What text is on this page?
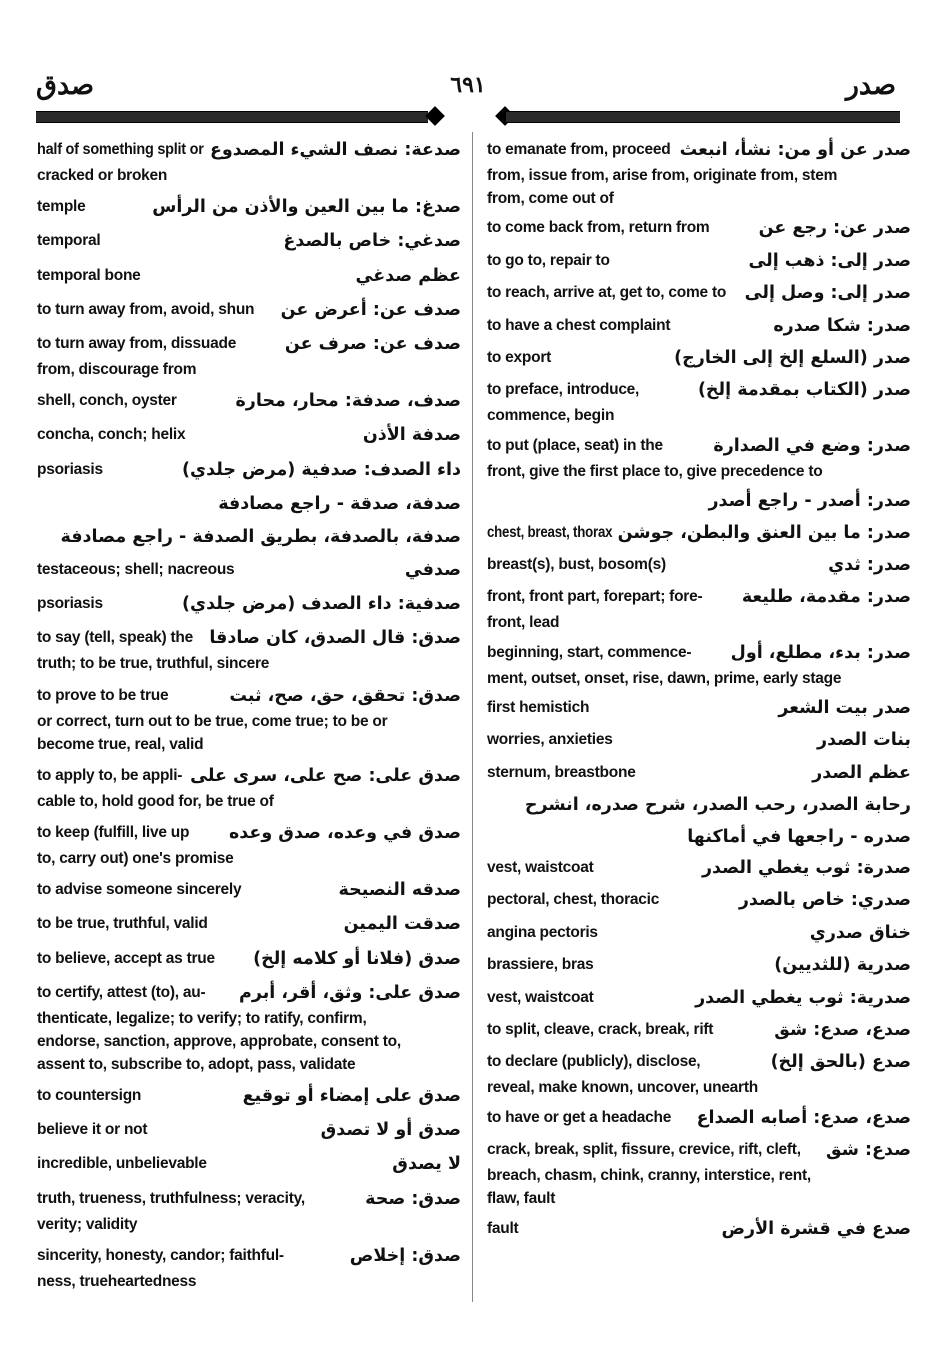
صدق	٦٩١	صدر
half of something split or صدعة: نصف الشيء المصدوع
cracked or broken
temple	صدغ: ما بين العين والأذن من الرأس
temporal	صدغي: خاص بالصدغ
temporal bone	عظم صدغي
to turn away from, avoid, shun صدف عن: أعرض عن
to turn away from, dissuade	صدف عن: صرف عن
from, discourage from
shell, conch, oyster	صدف، صدفة: محار، محارة
concha, conch; helix	صدفة الأذن
psoriasis	داء الصدف: صدفية (مرض جلدي)
صدفة، صدقة - راجع مصادفة
صدفة، بالصدفة، بطريق الصدفة - راجع مصادفة
testaceous; shell; nacreous	صدفي
psoriasis	صدفية: داء الصدف (مرض جلدي)
to say (tell, speak) the صدق: قال الصدق، كان صادقا
truth; to be true, truthful, sincere
to prove to be true	صدق: تحقق، حق، صح، ثبت
or correct, turn out to be true, come true; to be or
become true, real, valid
to apply to, be appli- صدق على: صح على، سرى على
cable to, hold good for, be true of
to keep (fulfill, live up صدق في وعده، صدق وعده
to, carry out) one's promise
to advise someone sincerely	صدقه النصيحة
to be true, truthful, valid	صدقت اليمين
to believe, accept as true صدق (فلانا أو كلامه إلخ)
to certify, attest (to), au- صدق على: وثق، أقر، أبرم
thenticate, legalize; to verify; to ratify, confirm,
endorse, sanction, approve, approbate, consent to,
assent to, subscribe to, adopt, pass, validate
to countersign	صدق على إمضاء أو توقيع
believe it or not	صدق أو لا تصدق
incredible, unbelievable	لا يصدق
truth, trueness, truthfulness; veracity,	صدق: صحة
verity; validity
sincerity, honesty, candor; faithful-	صدق: إخلاص
ness, trueheartedness
to emanate from, proceed صدر عن أو من: نشأ، انبعث
from, issue from, arise from, originate from, stem
from, come out of
to come back from, return from	صدر عن: رجع عن
to go to, repair to	صدر إلى: ذهب إلى
to reach, arrive at, get to, come to صدر إلى: وصل إلى
to have a chest complaint	صدر: شكا صدره
to export	صدر (السلع إلخ إلى الخارج)
to preface, introduce,	صدر (الكتاب بمقدمة إلخ)
commence, begin
to put (place, seat) in the	صدر: وضع في الصدارة
front, give the first place to, give precedence to
صدر: أصدر - راجع أصدر
chest, breast, thorax صدر: ما بين العنق والبطن، جوشن
breast(s), bust, bosom(s)	صدر: ثدي
front, front part, forepart; fore- صدر: مقدمة، طليعة
front, lead
beginning, start, commence- صدر: بدء، مطلع، أول
ment, outset, onset, rise, dawn, prime, early stage
first hemistich	صدر بيت الشعر
worries, anxieties	بنات الصدر
sternum, breastbone	عظم الصدر
رحابة الصدر، رحب الصدر، شرح صدره، انشرح
صدره - راجعها في أماكنها
vest, waistcoat	صدرة: ثوب يغطي الصدر
pectoral, chest, thoracic	صدري: خاص بالصدر
angina pectoris	خناق صدري
brassiere, bras	صدرية (للثديين)
vest, waistcoat	صدرية: ثوب يغطي الصدر
to split, cleave, crack, break, rift	صدع، صدع: شق
to declare (publicly), disclose,	صدع (بالحق إلخ)
reveal, make known, uncover, unearth
to have or get a headache صدع، صدع: أصابه الصداع
crack, break, split, fissure, crevice, rift, cleft, صدع: شق
breach, chasm, chink, cranny, interstice, rent,
flaw, fault
fault	صدع في قشرة الأرض
